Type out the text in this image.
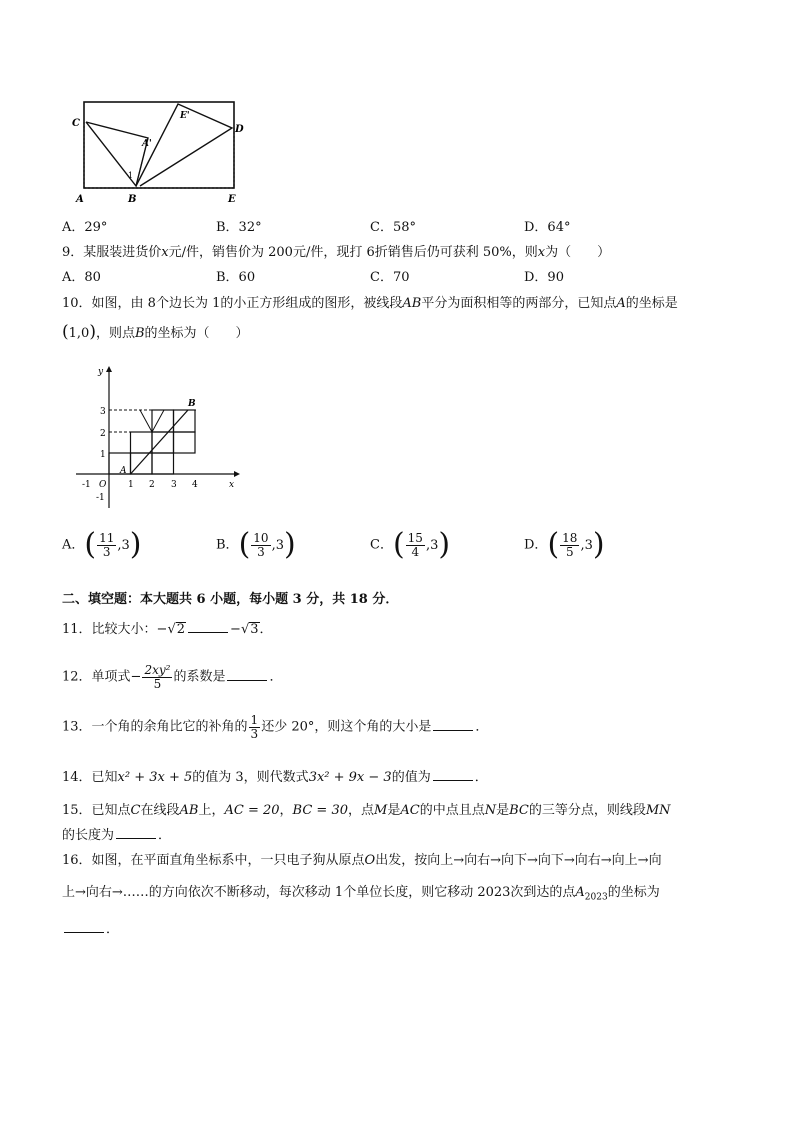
C
D
A	B	E
A'
E'
1
A．29°	B．32°	C．58°	D．64°
9．某服装进货价x元/件，销售价为 200元/件，现打 6折销售后仍可获利 50%，则x为（　　）
A．80	B．60	C．70	D．90
10．如图，由 8个边长为 1的小正方形组成的图形，被线段AB平分为面积相等的两部分，已知点A的坐标是
(1,0)，则点B的坐标为（　　）
y
x
O
-1	1 2 3 4
1
2
3
-1
A
B
A． ( $\frac{11}{3} ,3$ )	B． ( $\frac{10}{3} ,3$ )	C． ( $\frac{15}{4} ,3$ )	D． ( $\frac{18}{5} ,3$ )
二、填空题：本大题共 6 小题，每小题 3 分，共 18 分．
11．比较大小：− √ 2	− √ 3 ．
12．单项式− $\frac{\text{2xy²}}{5}$ 的系数是	．
13．一个角的余角比它的补角的 $\frac{1}{3}$ 还少 20°，则这个角的大小是	．
14．已知x² + 3x + 5的值为 3，则代数式3x² + 9x − 3的值为	．
15．已知点C在线段AB上，AC = 20，BC = 30，点M是AC的中点且点N是BC的三等分点，则线段MN
的长度为	．
16．如图，在平面直角坐标系中，一只电子狗从原点O出发，按向上→向右→向下→向下→向右→向上→向
上→向右→……的方向依次不断移动，每次移动 1个单位长度，则它移动 2023次到达的点$A_{2023}$的坐标为
．
